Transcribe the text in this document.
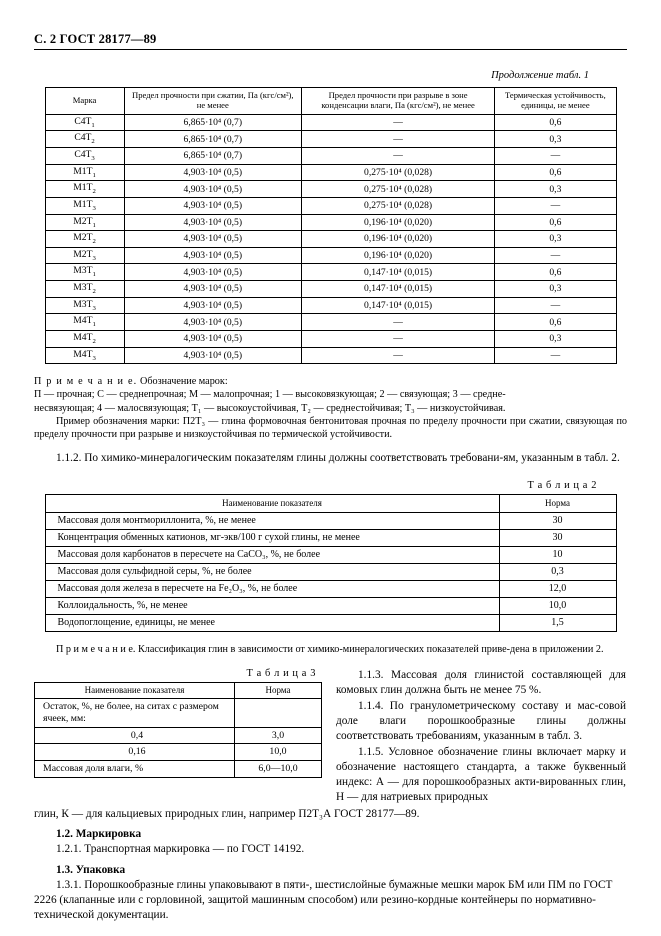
С. 2 ГОСТ 28177—89
Продолжение табл. 1
Марка	Предел прочности при сжатии, Па (кгс/см²), не менее	Предел прочности при разрыве в зоне конденсации влаги, Па (кгс/см²), не менее	Термическая устойчивость, единицы, не менее
$С4Т_1$	6,865·10⁴ (0,7)	—	0,6
$С4Т_2$	6,865·10⁴ (0,7)	—	0,3
$С4Т_3$	6,865·10⁴ (0,7)	—	—
$М1Т_1$	4,903·10⁴ (0,5)	0,275·10⁴ (0,028)	0,6
$М1Т_2$	4,903·10⁴ (0,5)	0,275·10⁴ (0,028)	0,3
$М1Т_3$	4,903·10⁴ (0,5)	0,275·10⁴ (0,028)	—
$М2Т_1$	4,903·10⁴ (0,5)	0,196·10⁴ (0,020)	0,6
$М2Т_2$	4,903·10⁴ (0,5)	0,196·10⁴ (0,020)	0,3
$М2Т_3$	4,903·10⁴ (0,5)	0,196·10⁴ (0,020)	—
$М3Т_1$	4,903·10⁴ (0,5)	0,147·10⁴ (0,015)	0,6
$М3Т_2$	4,903·10⁴ (0,5)	0,147·10⁴ (0,015)	0,3
$М3Т_3$	4,903·10⁴ (0,5)	0,147·10⁴ (0,015)	—
$М4Т_1$	4,903·10⁴ (0,5)	—	0,6
$М4Т_2$	4,903·10⁴ (0,5)	—	0,3
$М4Т_3$	4,903·10⁴ (0,5)	—	—
П р и м е ч а н и е. Обозначение марок:
П — прочная; С — среднепрочная; М — малопрочная; 1 — высоковязкующая; 2 — связующая; 3 — средне-
несвязующая; 4 — малосвязующая; Т₁ — высокоустойчивая, Т₂ — среднестойчивая; Т₃ — низкоустойчивая.
Пример обозначения марки: П2Т₃ — глина формовочная бентонитовая прочная по пределу прочности при сжатии, связующая по пределу прочности при разрыве и низкоустойчивая по термической устойчивости.

1.1.2. По химико-минералогическим показателям глины должны соответствовать требовани-ям, указанным в табл. 2.

Т а б л и ц а 2
Наименование показателя	Норма
Массовая доля монтмориллонита, %, не менее	30
Концентрация обменных катионов, мг-экв/100 г сухой глины, не менее	30
Массовая доля карбонатов в пересчете на CaCO₃, %, не более	10
Массовая доля сульфидной серы, %, не более	0,3
Массовая доля железа в пересчете на Fe₂O₃, %, не более	12,0
Коллоидальность, %, не менее	10,0
Водопоглощение, единицы, не менее	1,5
П р и м е ч а н и е. Классификация глин в зависимости от химико-минералогических показателей приве-дена в приложении 2.
Т а б л и ц а 3
Наименование показателя	Норма
Остаток, %, не более, на ситах с размером ячеек, мм:	
0,4	3,0
0,16	10,0
Массовая доля влаги, %	6,0—10,0

1.1.3. Массовая доля глинистой составляющей для комовых глин должна быть не менее 75 %.

1.1.4. По гранулометрическому составу и мас-совой доле влаги порошкообразные глины должны соответствовать требованиям, указанным в табл. 3.

1.1.5. Условное обозначение глины включает марку и обозначение настоящего стандарта, а также буквенный индекс: А — для порошкообразных акти-вированных глин, Н — для натриевых природных

глин, К — для кальциевых природных глин, например П2Т₃А ГОСТ 28177—89.
1.2. Маркировка
1.2.1. Транспортная маркировка — по ГОСТ 14192.
1.3. Упаковка
1.3.1. Порошкообразные глины упаковывают в пяти-, шестислойные бумажные мешки марок БМ или ПМ по ГОСТ 2226 (клапанные или с горловиной, защитой машинным способом) или резино-кордные контейнеры по нормативно-технической документации.
